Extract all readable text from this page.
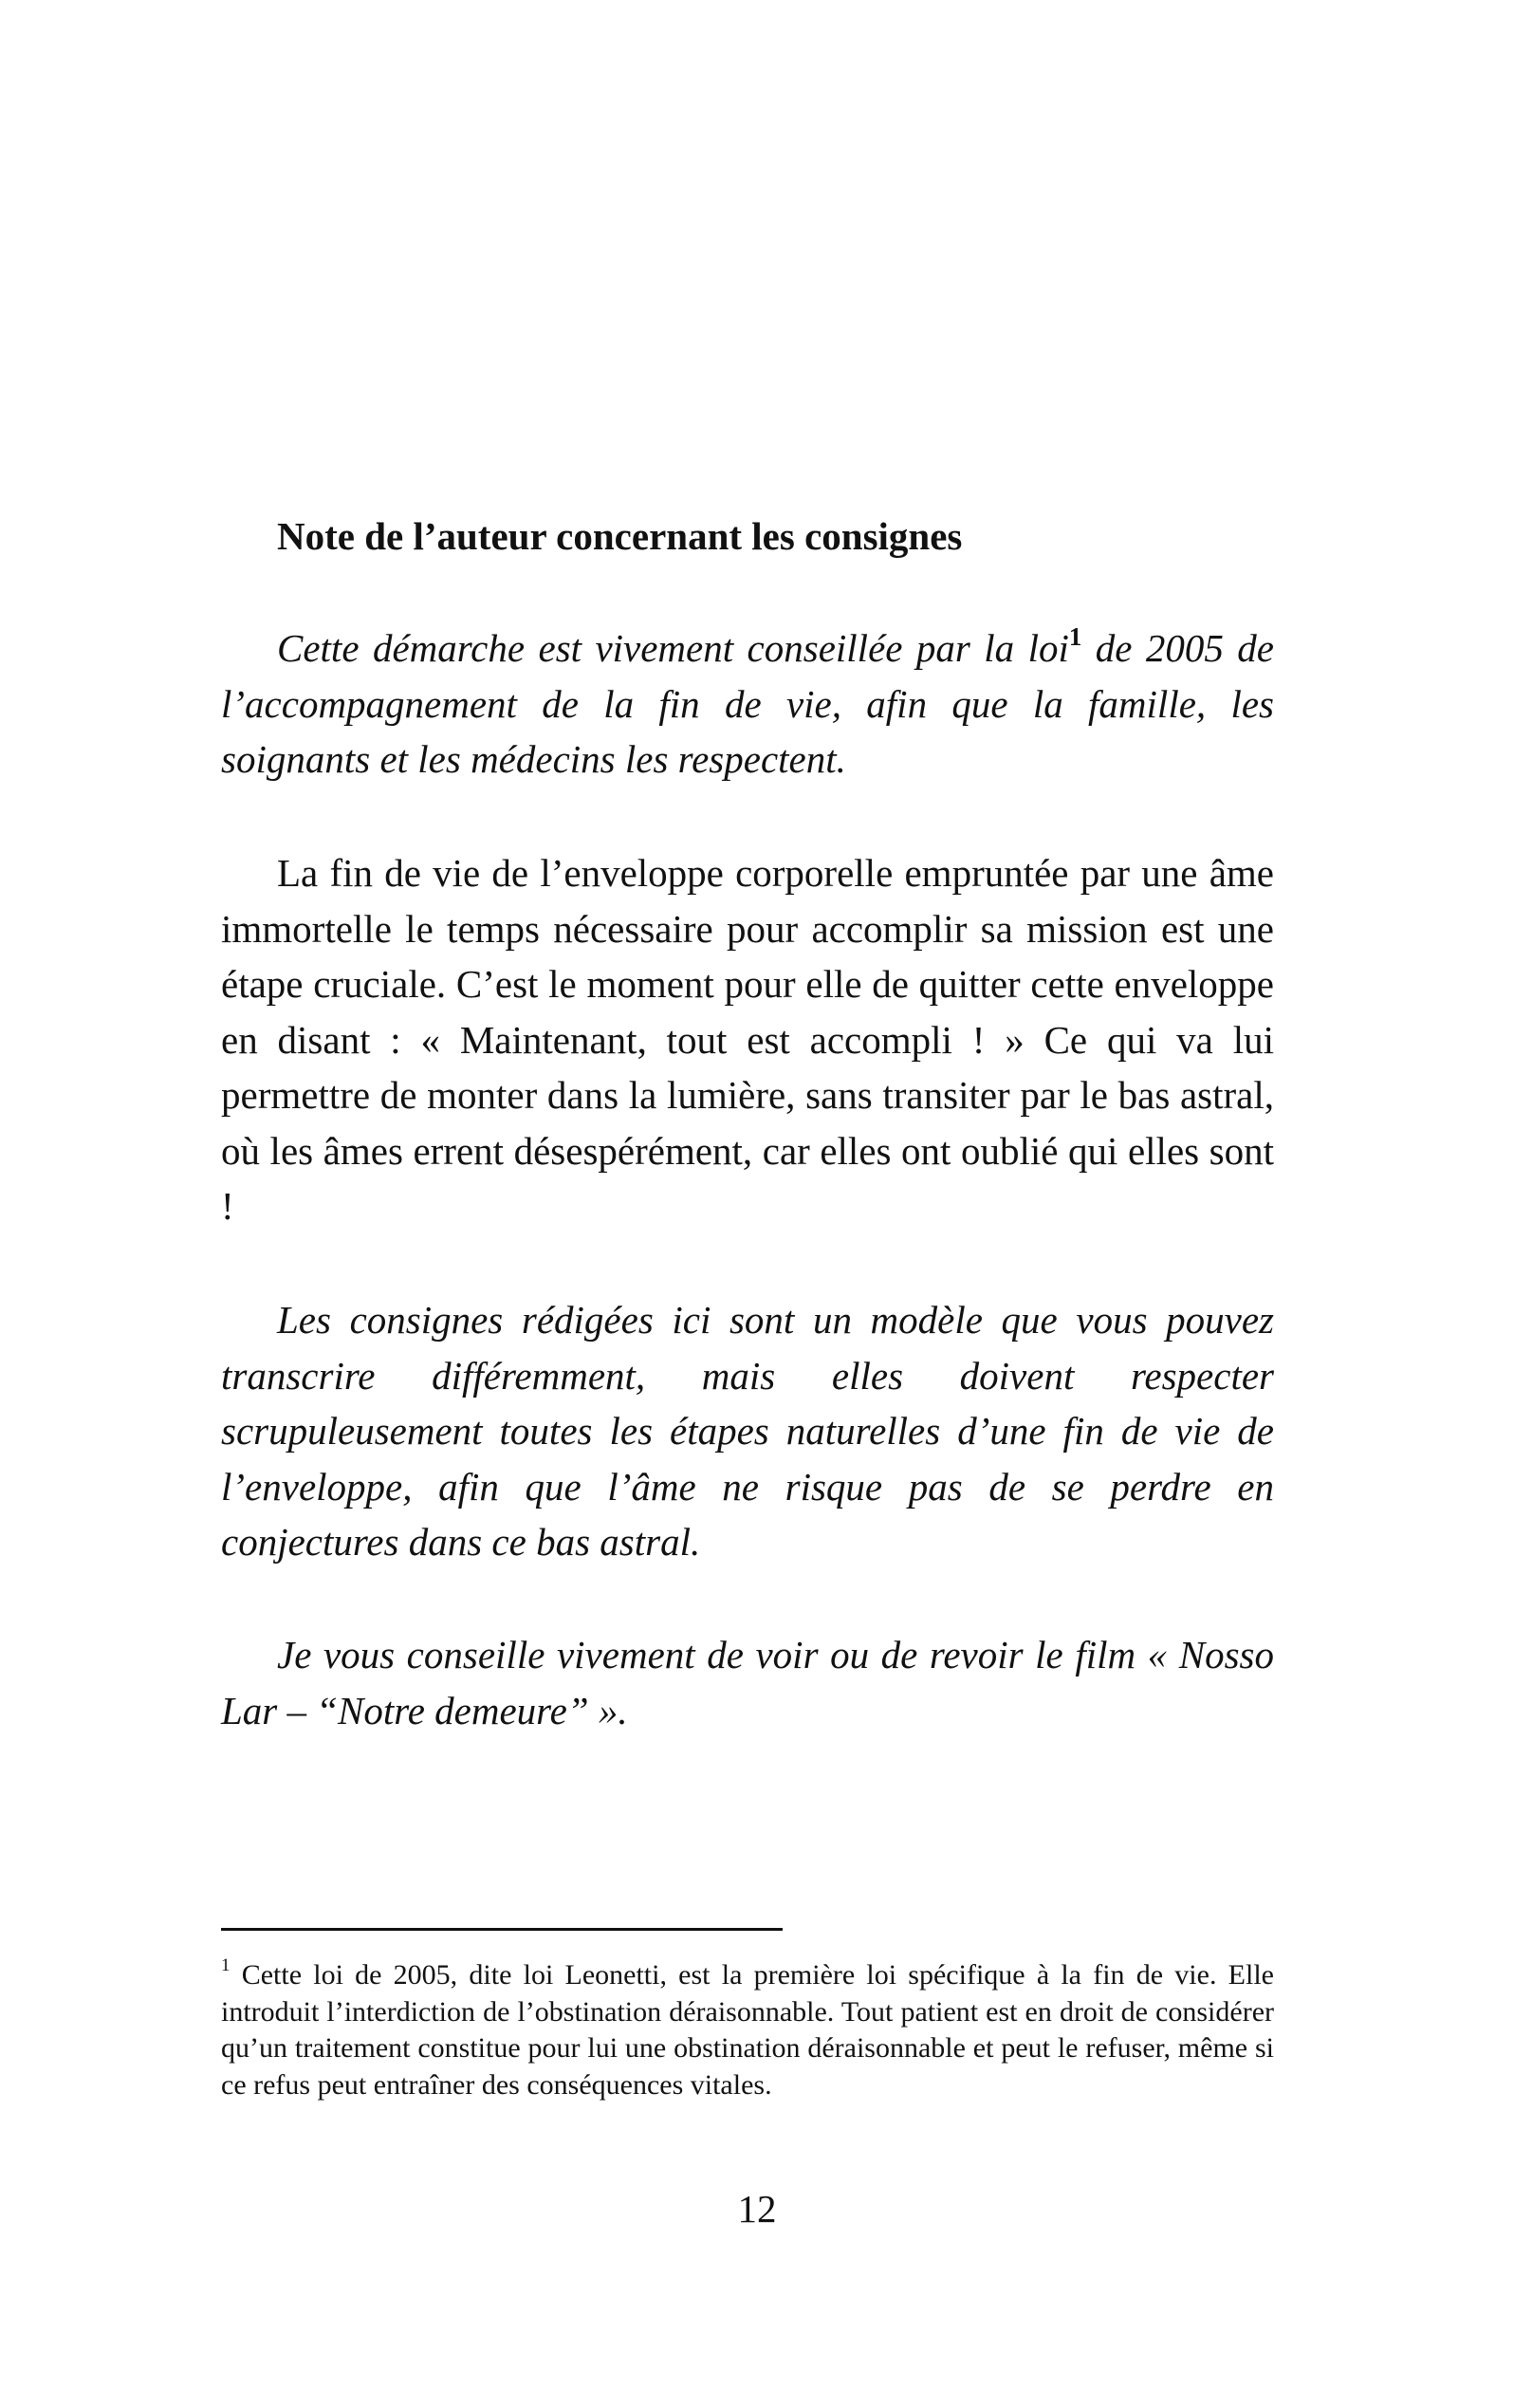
Note de l’auteur concernant les consignes

Cette démarche est vivement conseillée par la loi$^1$ de 2005 de l’accompagnement de la fin de vie, afin que la famille, les soignants et les médecins les respectent.

La fin de vie de l’enveloppe corporelle empruntée par une âme immortelle le temps nécessaire pour accomplir sa mission est une étape cruciale. C’est le moment pour elle de quitter cette enveloppe en disant : « Maintenant, tout est accompli ! » Ce qui va lui permettre de monter dans la lumière, sans transiter par le bas astral, où les âmes errent désespérément, car elles ont oublié qui elles sont !

Les consignes rédigées ici sont un modèle que vous pouvez transcrire différemment, mais elles doivent respecter scrupuleusement toutes les étapes naturelles d’une fin de vie de l’enveloppe, afin que l’âme ne risque pas de se perdre en conjectures dans ce bas astral.

Je vous conseille vivement de voir ou de revoir le film « Nosso Lar – “Notre demeure” ».

$^1$ Cette loi de 2005, dite loi Leonetti, est la première loi spécifique à la fin de vie. Elle introduit l’interdiction de l’obstination déraisonnable. Tout patient est en droit de considérer qu’un traitement constitue pour lui une obstination déraisonnable et peut le refuser, même si ce refus peut entraîner des conséquences vitales.

12
